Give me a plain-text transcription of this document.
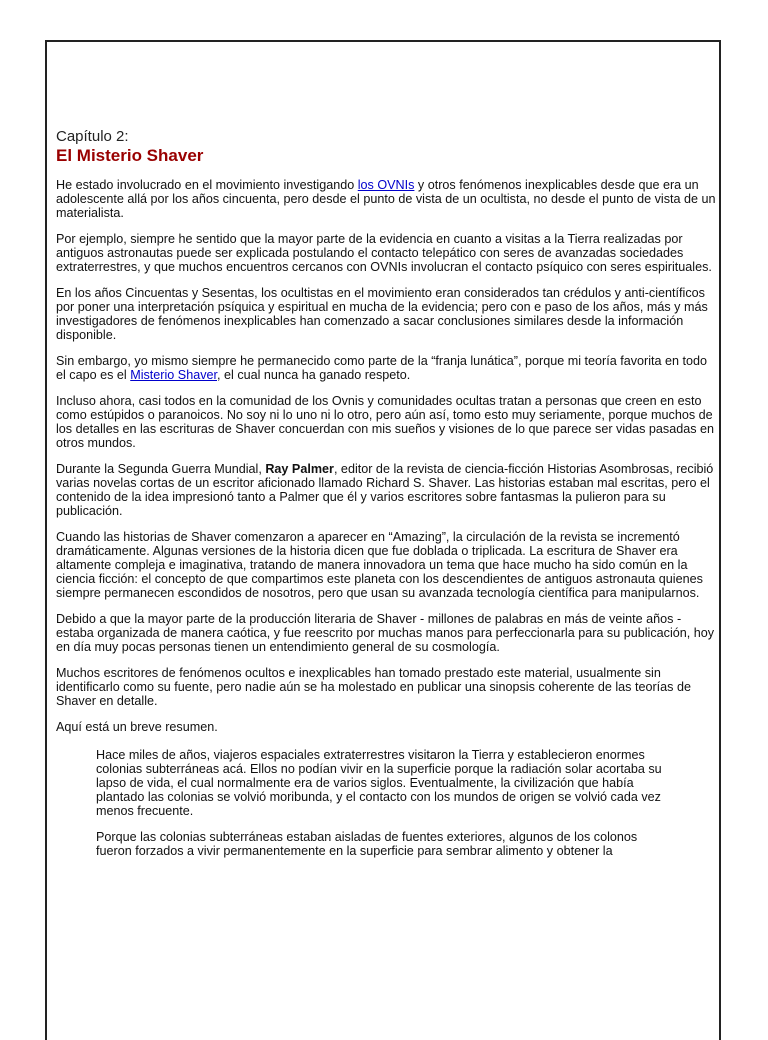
Capítulo 2:
El Misterio Shaver

He estado involucrado en el movimiento investigando los OVNIs y otros fenómenos inexplicables desde que era un adolescente allá por los años cincuenta, pero desde el punto de vista de un ocultista, no desde el punto de vista de un materialista.

Por ejemplo, siempre he sentido que la mayor parte de la evidencia en cuanto a visitas a la Tierra realizadas por antiguos astronautas puede ser explicada postulando el contacto telepático con seres de avanzadas sociedades extraterrestres, y que muchos encuentros cercanos con OVNIs involucran el contacto psíquico con seres espirituales.

En los años Cincuentas y Sesentas, los ocultistas en el movimiento eran considerados tan crédulos y anti-científicos por poner una interpretación psíquica y espiritual en mucha de la evidencia; pero con e paso de los años, más y más investigadores de fenómenos inexplicables han comenzado a sacar conclusiones similares desde la información disponible.

Sin embargo, yo mismo siempre he permanecido como parte de la “franja lunática”, porque mi teoría favorita en todo el capo es el Misterio Shaver, el cual nunca ha ganado respeto.

Incluso ahora, casi todos en la comunidad de los Ovnis y comunidades ocultas tratan a personas que creen en esto como estúpidos o paranoicos. No soy ni lo uno ni lo otro, pero aún así, tomo esto muy seriamente, porque muchos de los detalles en las escrituras de Shaver concuerdan con mis sueños y visiones de lo que parece ser vidas pasadas en otros mundos.

Durante la Segunda Guerra Mundial, Ray Palmer, editor de la revista de ciencia-ficción Historias Asombrosas, recibió varias novelas cortas de un escritor aficionado llamado Richard S. Shaver. Las historias estaban mal escritas, pero el contenido de la idea impresionó tanto a Palmer que él y varios escritores sobre fantasmas la pulieron para su publicación.

Cuando las historias de Shaver comenzaron a aparecer en “Amazing”, la circulación de la revista se incrementó dramáticamente. Algunas versiones de la historia dicen que fue doblada o triplicada. La escritura de Shaver era altamente compleja e imaginativa, tratando de manera innovadora un tema que hace mucho ha sido común en la ciencia ficción: el concepto de que compartimos este planeta con los descendientes de antiguos astronauta quienes siempre permanecen escondidos de nosotros, pero que usan su avanzada tecnología científica para manipularnos.

Debido a que la mayor parte de la producción literaria de Shaver - millones de palabras en más de veinte años - estaba organizada de manera caótica, y fue reescrito por muchas manos para perfeccionarla para su publicación, hoy en día muy pocas personas tienen un entendimiento general de su cosmología.

Muchos escritores de fenómenos ocultos e inexplicables han tomado prestado este material, usualmente sin identificarlo como su fuente, pero nadie aún se ha molestado en publicar una sinopsis coherente de las teorías de Shaver en detalle.

Aquí está un breve resumen.

Hace miles de años, viajeros espaciales extraterrestres visitaron la Tierra y establecieron enormes colonias subterráneas acá. Ellos no podían vivir en la superficie porque la radiación solar acortaba su lapso de vida, el cual normalmente era de varios siglos. Eventualmente, la civilización que había plantado las colonias se volvió moribunda, y el contacto con los mundos de origen se volvió cada vez menos frecuente.

Porque las colonias subterráneas estaban aisladas de fuentes exteriores, algunos de los colonos fueron forzados a vivir permanentemente en la superficie para sembrar alimento y obtener la
